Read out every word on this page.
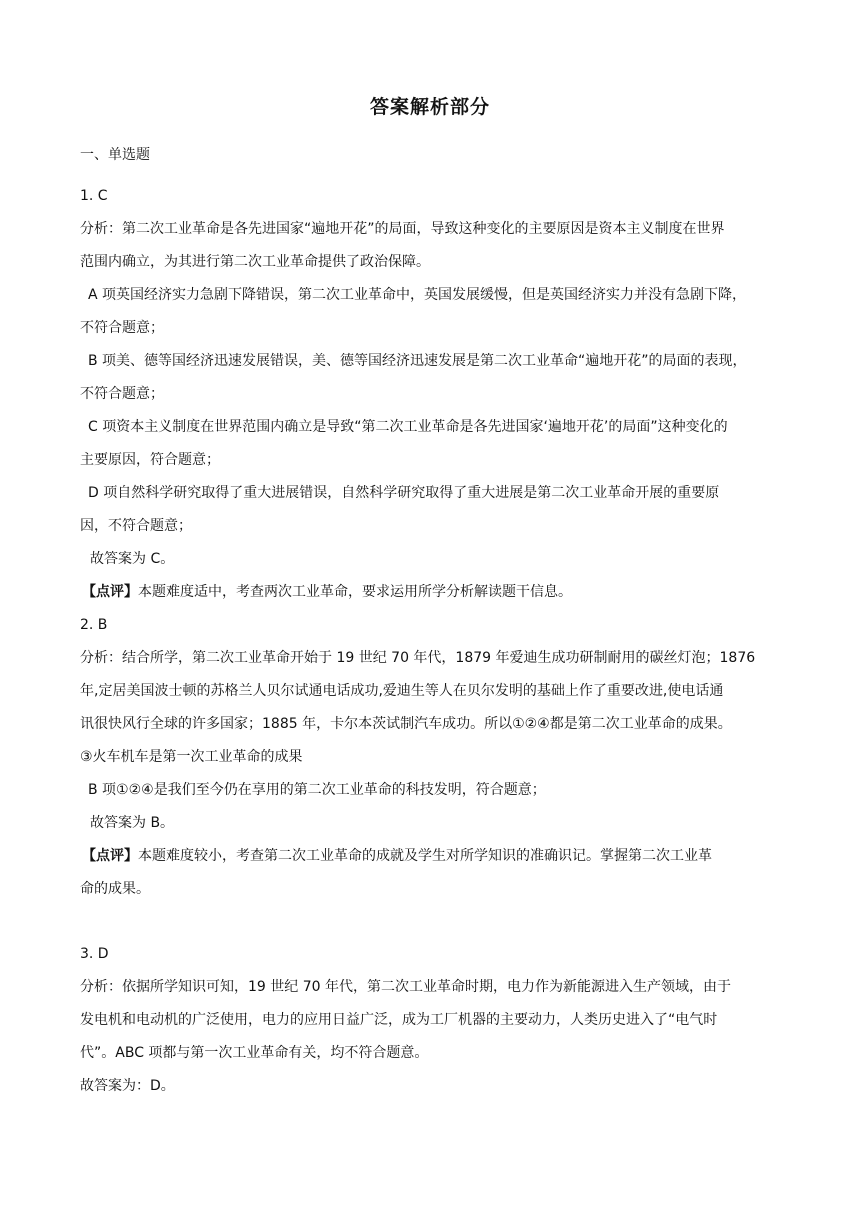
答案解析部分
一、单选题
1. C
分析：第二次工业革命是各先进国家“遍地开花”的局面，导致这种变化的主要原因是资本主义制度在世界
范围内确立，为其进行第二次工业革命提供了政治保障。
A 项英国经济实力急剧下降错误，第二次工业革命中，英国发展缓慢，但是英国经济实力并没有急剧下降，
不符合题意；
B 项美、德等国经济迅速发展错误，美、德等国经济迅速发展是第二次工业革命“遍地开花”的局面的表现，
不符合题意；
C 项资本主义制度在世界范围内确立是导致“第二次工业革命是各先进国家‘遍地开花’的局面”这种变化的
主要原因，符合题意；
D 项自然科学研究取得了重大进展错误，自然科学研究取得了重大进展是第二次工业革命开展的重要原
因，不符合题意；
故答案为 C。
【点评】本题难度适中，考查两次工业革命，要求运用所学分析解读题干信息。
2. B
分析：结合所学，第二次工业革命开始于 19 世纪 70 年代，1879 年爱迪生成功研制耐用的碳丝灯泡；1876
年,定居美国波士顿的苏格兰人贝尔试通电话成功,爱迪生等人在贝尔发明的基础上作了重要改进,使电话通
讯很快风行全球的许多国家；1885 年，卡尔本茨试制汽车成功。所以①②④都是第二次工业革命的成果。
③火车机车是第一次工业革命的成果
B 项①②④是我们至今仍在享用的第二次工业革命的科技发明，符合题意；
故答案为 B。
【点评】本题难度较小，考查第二次工业革命的成就及学生对所学知识的准确识记。掌握第二次工业革
命的成果。
3. D
分析：依据所学知识可知，19 世纪 70 年代，第二次工业革命时期，电力作为新能源进入生产领域，由于
发电机和电动机的广泛使用，电力的应用日益广泛，成为工厂机器的主要动力，人类历史进入了“电气时
代”。ABC 项都与第一次工业革命有关，均不符合题意。
故答案为：D。
